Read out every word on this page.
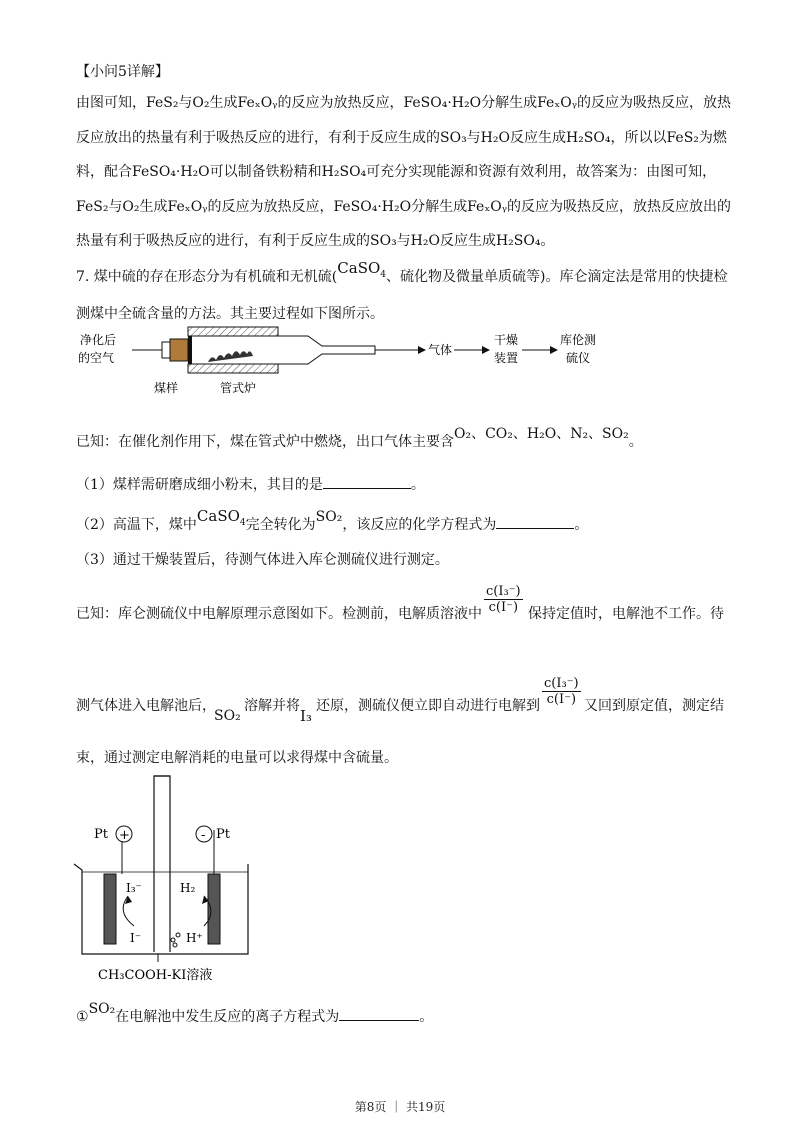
【小问5详解】
由图可知，FeS₂与O₂生成FeₓOᵧ的反应为放热反应，FeSO₄·H₂O分解生成FeₓOᵧ的反应为吸热反应，放热
反应放出的热量有利于吸热反应的进行，有利于反应生成的SO₃与H₂O反应生成H₂SO₄，所以以FeS₂为燃
料，配合FeSO₄·H₂O可以制备铁粉精和H₂SO₄可充分实现能源和资源有效利用，故答案为：由图可知，
FeS₂与O₂生成FeₓOᵧ的反应为放热反应，FeSO₄·H₂O分解生成FeₓOᵧ的反应为吸热反应，放热反应放出的
热量有利于吸热反应的进行，有利于反应生成的SO₃与H₂O反应生成H₂SO₄。
7. 煤中硫的存在形态分为有机硫和无机硫(CaSO$_4$、硫化物及微量单质硫等)。库仑滴定法是常用的快捷检
测煤中全硫含量的方法。其主要过程如下图所示。
净化后
的空气
气体
干燥
装置
库伦测
硫仪
煤样	管式炉
已知：在催化剂作用下，煤在管式炉中燃烧，出口气体主要含O₂、CO₂、H₂O、N₂、SO₂。
（1）煤样需研磨成细小粉末，其目的是	。
（2）高温下，煤中CaSO$_4$完全转化为SO₂，该反应的化学方程式为	。
（3）通过干燥装置后，待测气体进入库仑测硫仪进行测定。
已知：库仑测硫仪中电解原理示意图如下。检测前，电解质溶液中 $\frac{\text{c(I₃⁻)}}{c(I^-)}$ 保持定值时，电解池不工作。待
测气体进入电解池后，
SO₂
溶解并将
I₃
还原，测硫仪便立即自动进行电解到 $\frac{\text{c(I₃⁻)}}{c(I^-)}$ 又回到原定值，测定结
束，通过测定电解消耗的电量可以求得煤中含硫量。
Pt +	- Pt
I₃⁻
I⁻
H₂
H⁺
CH₃COOH-KI溶液
①SO₂在电解池中发生反应的离子方程式为	。
第8页 ｜ 共19页
